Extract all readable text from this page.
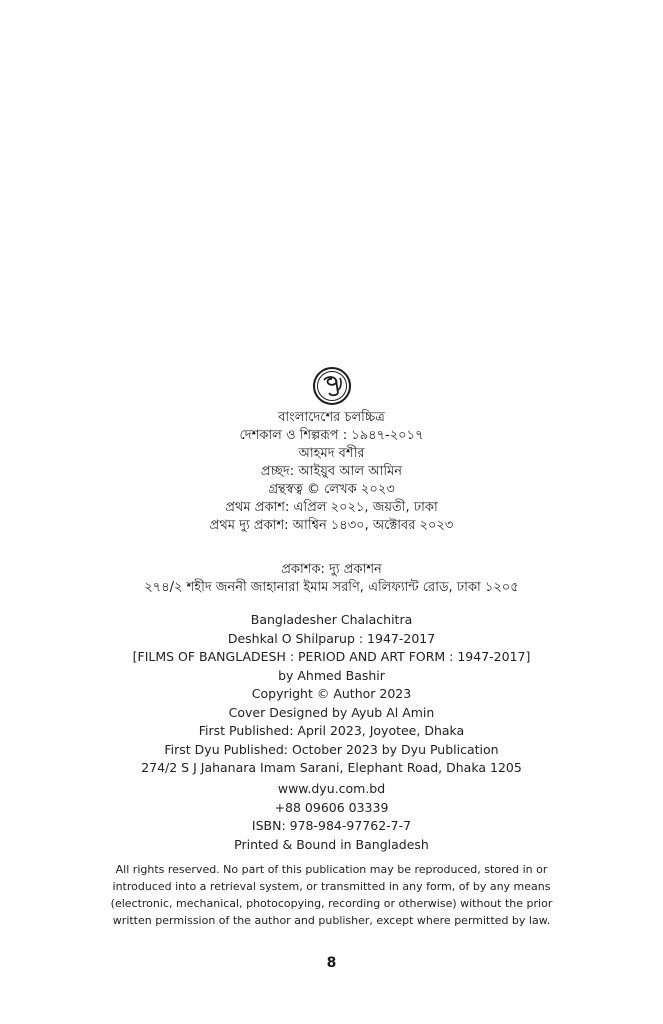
বাংলাদেশের চলচ্চিত্র
দেশকাল ও শিল্পরূপ : ১৯৪৭-২০১৭
আহমদ বশীর
প্রচ্ছদ: আইয়ুব আল আমিন
গ্রন্থস্বত্ব © লেখক ২০২৩
প্রথম প্রকাশ: এপ্রিল ২০২১, জয়তী, ঢাকা
প্রথম দ্যু প্রকাশ: আশ্বিন ১৪৩০, অক্টোবর ২০২৩
প্রকাশক: দ্যু প্রকাশন
২৭৪/২ শহীদ জননী জাহানারা ইমাম সরণি, এলিফ্যান্ট রোড, ঢাকা ১২০৫
Bangladesher Chalachitra
Deshkal O Shilparup : 1947-2017
[FILMS OF BANGLADESH : PERIOD AND ART FORM : 1947-2017]
by Ahmed Bashir
Copyright © Author 2023
Cover Designed by Ayub Al Amin
First Published: April 2023, Joyotee, Dhaka
First Dyu Published: October 2023 by Dyu Publication
274/2 S J Jahanara Imam Sarani, Elephant Road, Dhaka 1205
www.dyu.com.bd
+88 09606 03339
ISBN: 978-984-97762-7-7
Printed & Bound in Bangladesh
All rights reserved. No part of this publication may be reproduced, stored in or
introduced into a retrieval system, or transmitted in any form, of by any means
(electronic, mechanical, photocopying, recording or otherwise) without the prior
written permission of the author and publisher, except where permitted by law.
8
